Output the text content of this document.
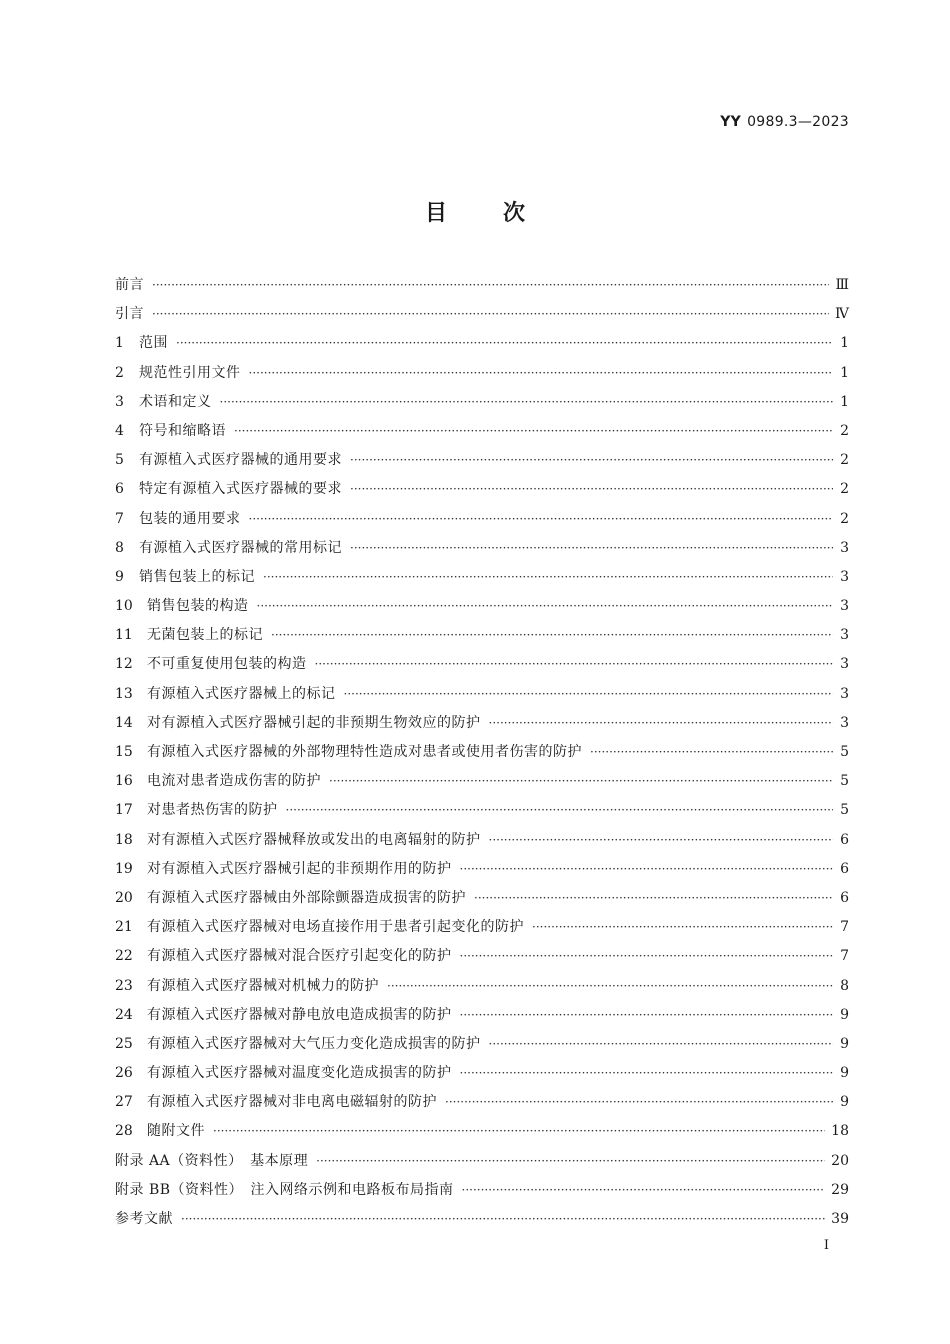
YY 0989.3—2023
目次
前言 ·····	Ⅲ
引言 ·····	Ⅳ
1	范围 ·····	1
2	规范性引用文件 ·····	1
3	术语和定义 ·····	1
4	符号和缩略语 ·····	2
5	有源植入式医疗器械的通用要求 ·····	2
6	特定有源植入式医疗器械的要求 ·····	2
7	包装的通用要求 ·····	2
8	有源植入式医疗器械的常用标记 ·····	3
9	销售包装上的标记 ·····	3
10	销售包装的构造 ·····	3
11	无菌包装上的标记 ·····	3
12	不可重复使用包装的构造 ·····	3
13	有源植入式医疗器械上的标记 ·····	3
14	对有源植入式医疗器械引起的非预期生物效应的防护 ·····	3
15	有源植入式医疗器械的外部物理特性造成对患者或使用者伤害的防护 ·····	5
16	电流对患者造成伤害的防护 ·····	5
17	对患者热伤害的防护 ·····	5
18	对有源植入式医疗器械释放或发出的电离辐射的防护 ·····	6
19	对有源植入式医疗器械引起的非预期作用的防护 ·····	6
20	有源植入式医疗器械由外部除颤器造成损害的防护 ·····	6
21	有源植入式医疗器械对电场直接作用于患者引起变化的防护 ·····	7
22	有源植入式医疗器械对混合医疗引起变化的防护 ·····	7
23	有源植入式医疗器械对机械力的防护 ·····	8
24	有源植入式医疗器械对静电放电造成损害的防护 ·····	9
25	有源植入式医疗器械对大气压力变化造成损害的防护 ·····	9
26	有源植入式医疗器械对温度变化造成损害的防护 ·····	9
27	有源植入式医疗器械对非电离电磁辐射的防护 ·····	9
28	随附文件 ·····	18
附录 AA（资料性）　基本原理 ·····	20
附录 BB（资料性）　注入网络示例和电路板布局指南 ·····	29
参考文献 ·····	39
I
